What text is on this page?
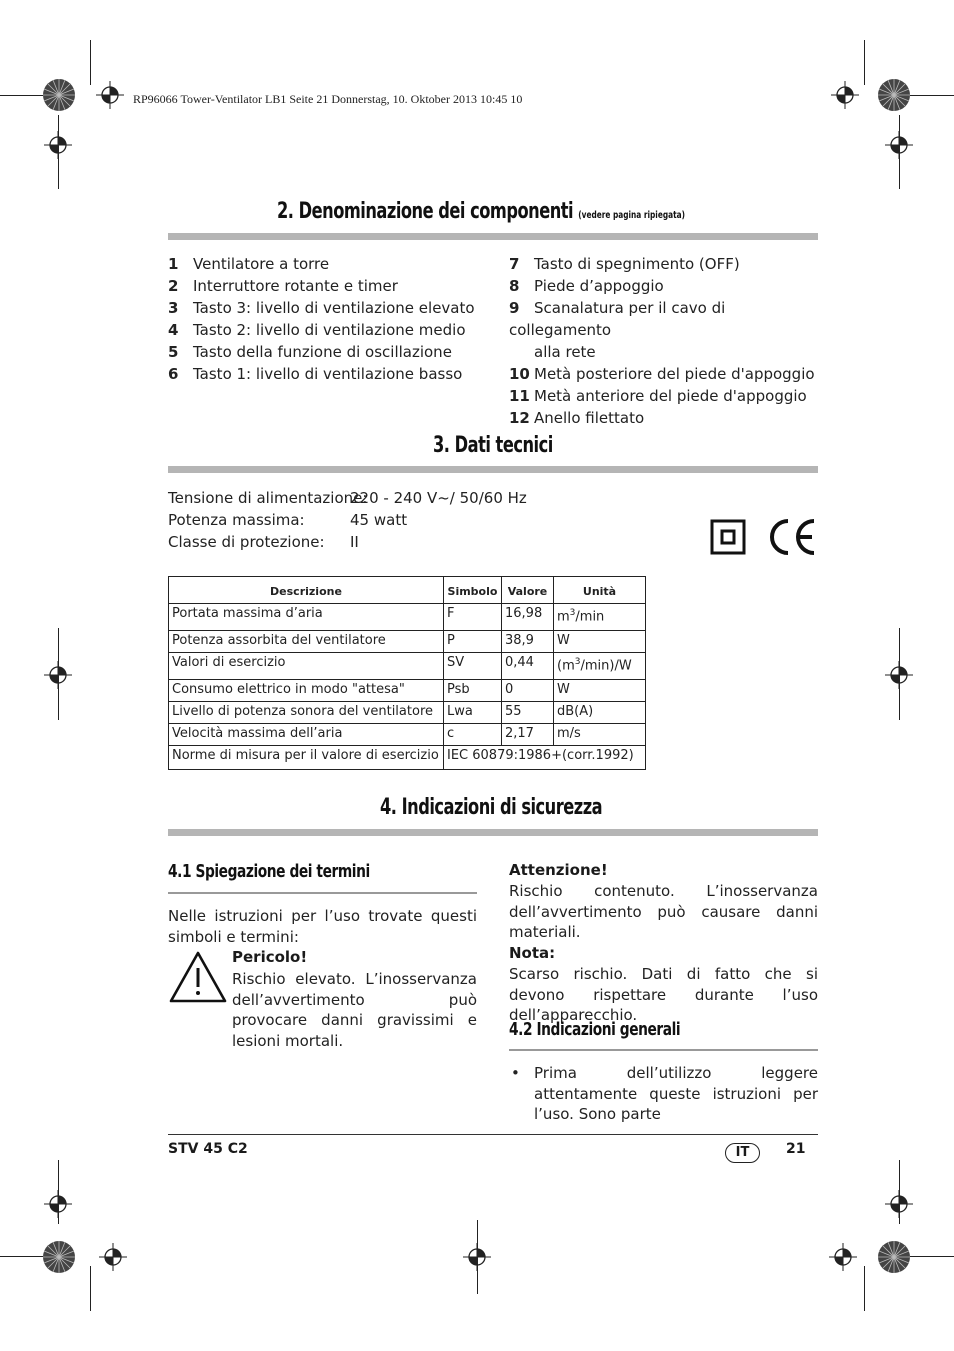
RP96066 Tower-Ventilator LB1 Seite 21 Donnerstag, 10. Oktober 2013 10:45 10
2. Denominazione dei componenti (vedere pagina ripiegata)
1 Ventilatore a torre
2 Interruttore rotante e timer
3 Tasto 3: livello di ventilazione elevato
4 Tasto 2: livello di ventilazione medio
5 Tasto della funzione di oscillazione
6 Tasto 1: livello di ventilazione basso
7 Tasto di spegnimento (OFF)
8 Piede d’appoggio
9 Scanalatura per il cavo di collegamento
alla rete
10 Metà posteriore del piede d'appoggio
11 Metà anteriore del piede d'appoggio
12 Anello filettato
3. Dati tecnici
Tensione di alimentazione:220 - 240 V~/ 50/60 Hz
Potenza massima:	45 watt
Classe di protezione: II
Descrizione	Simbolo	Valore	Unità
Portata massima d’aria	F	16,98	$m^3/\min$
Potenza assorbita del ventilatore	P	38,9	W
Valori di esercizio	SV	0,44	$(m^3/\min)/W$
Consumo elettrico in modo "attesa"	Psb	0	W
Livello di potenza sonora del ventilatore	Lwa	55	dB(A)
Velocità massima dell’aria	c	2,17	m/s
Norme di misura per il valore di esercizio	IEC 60879:1986+(corr.1992)		
4. Indicazioni di sicurezza
4.1 Spiegazione dei termini
Nelle istruzioni per l’uso trovate questi simboli e termini:
Pericolo!
Rischio elevato. L’inosservanza dell’avvertimento può provocare danni gravissimi e lesioni mortali.
Attenzione!
Rischio contenuto. L’inosservanza dell’avvertimento può causare danni materiali.
Nota:
Scarso rischio. Dati di fatto che si devono rispettare durante l’uso dell’apparecchio.
4.2 Indicazioni generali
• Prima dell’utilizzo leggere attentamente queste istruzioni per l’uso. Sono parte
STV 45 C2	IT	21
